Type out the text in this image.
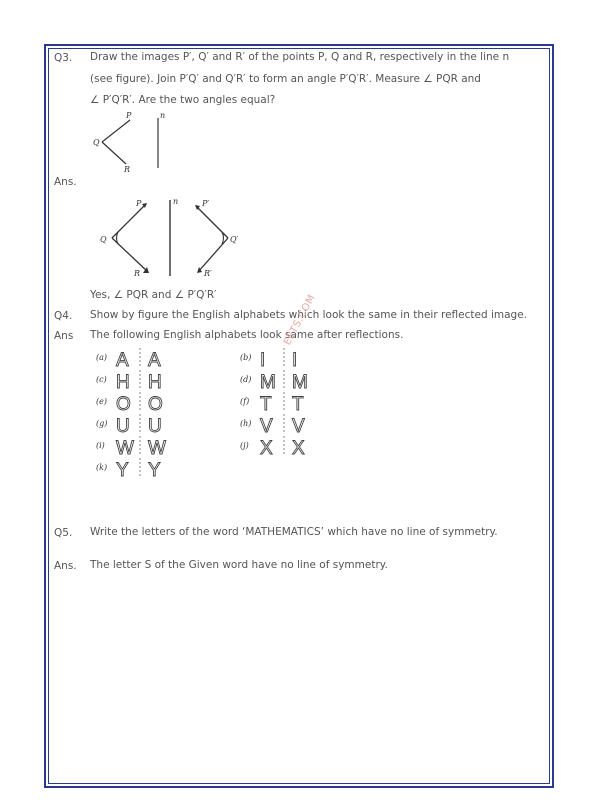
Q3. Draw the images P′, Q′ and R′ of the points P, Q and R, respectively in the line n
(see figure). Join P′Q′ and Q′R′ to form an angle P′Q′R′. Measure ∠ PQR and
∠ P′Q′R′. Are the two angles equal?
P
Q
R
n
Ans.
P
Q
R
n	P′
Q′
R′
Yes, ∠ PQR and ∠ P′Q′R′
Q4. Show by figure the English alphabets which look the same in their reflected image.
Ans The following English alphabets look same after reflections.
(a) A A
(c) H H
(e) O O
(g) U U
(i) W W
(k) Y Y
(b) I I
(d) M M
(f) T T
(h) V V
(j) X X
EETS.COM
Q5. Write the letters of the word ‘MATHEMATICS’ which have no line of symmetry.
Ans. The letter S of the Given word have no line of symmetry.
